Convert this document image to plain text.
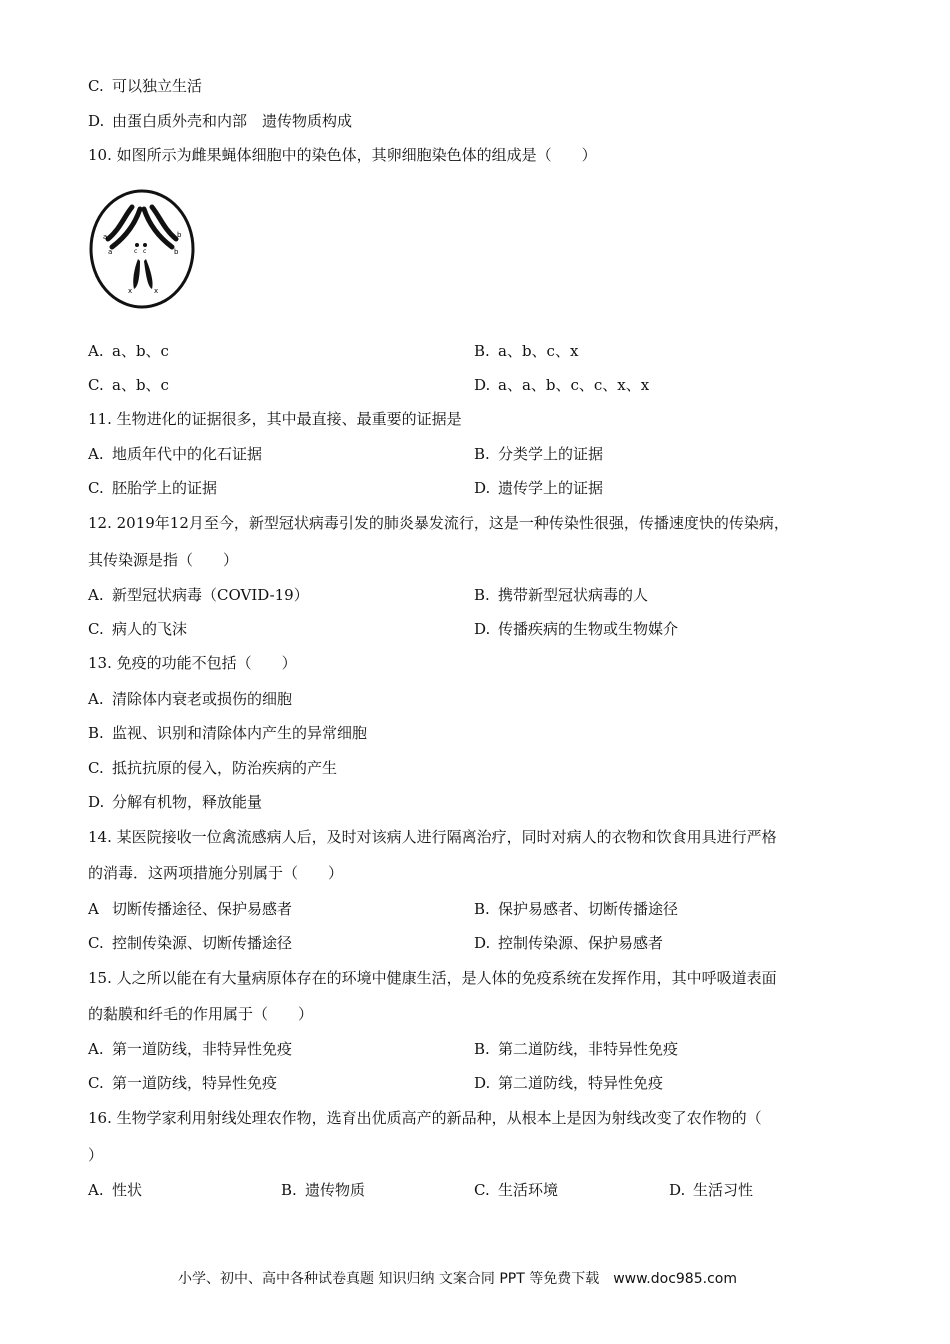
C. 可以独立生活
D. 由蛋白质外壳和内部　遗传物质构成
10. 如图所示为雌果蝇体细胞中的染色体，其卵细胞染色体的组成是（　　）
a
a
b
b
c c
x	x
A. a、b、c	B. a、b、c、x
C. a、b、c	D. a、a、b、c、c、x、x
11. 生物进化的证据很多，其中最直接、最重要的证据是
A. 地质年代中的化石证据	B. 分类学上的证据
C. 胚胎学上的证据	D. 遗传学上的证据
12. 2019年12月至今，新型冠状病毒引发的肺炎暴发流行，这是一种传染性很强，传播速度快的传染病，
其传染源是指（　　）
A. 新型冠状病毒（COVID-19）	B. 携带新型冠状病毒的人
C. 病人的飞沫	D. 传播疾病的生物或生物媒介
13. 免疫的功能不包括（　　）
A. 清除体内衰老或损伤的细胞
B. 监视、识别和清除体内产生的异常细胞
C. 抵抗抗原的侵入，防治疾病的产生
D. 分解有机物，释放能量
14. 某医院接收一位禽流感病人后，及时对该病人进行隔离治疗，同时对病人的衣物和饮食用具进行严格
的消毒．这两项措施分别属于（　　）
A 切断传播途径、保护易感者	B. 保护易感者、切断传播途径
C. 控制传染源、切断传播途径	D. 控制传染源、保护易感者
15. 人之所以能在有大量病原体存在的环境中健康生活，是人体的免疫系统在发挥作用，其中呼吸道表面
的黏膜和纤毛的作用属于（　　）
A. 第一道防线，非特异性免疫	B. 第二道防线，非特异性免疫
C. 第一道防线，特异性免疫	D. 第二道防线，特异性免疫
16. 生物学家利用射线处理农作物，选育出优质高产的新品种，从根本上是因为射线改变了农作物的（
）
A. 性状	B. 遗传物质	C. 生活环境	D. 生活习性
小学、初中、高中各种试卷真题 知识归纳 文案合同 PPT 等免费下载　www.doc985.com
